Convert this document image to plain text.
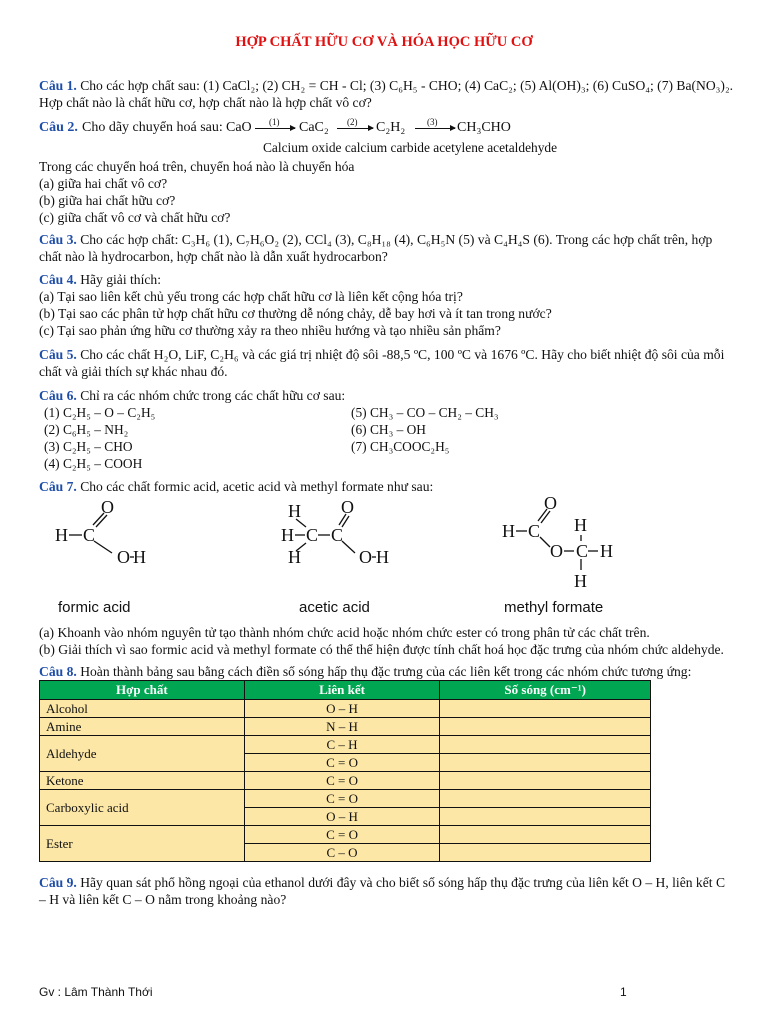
HỢP CHẤT HỮU CƠ VÀ HÓA HỌC HỮU CƠ
Câu 1. Cho các hợp chất sau: (1) CaCl₂; (2) CH₂ = CH - Cl; (3) C₆H₅ - CHO; (4) CaC₂; (5) Al(OH)₃; (6) CuSO₄; (7) Ba(NO₃)₂.
Hợp chất nào là chất hữu cơ, hợp chất nào là hợp chất vô cơ?
Câu 2. Cho dãy chuyển hoá sau: CaO (1) CaC₂ (2) C₂H₂ (3) CH₃CHO
Calcium oxide calcium carbide acetylene acetaldehyde
Trong các chuyển hoá trên, chuyển hoá nào là chuyển hóa
(a) giữa hai chất vô cơ?
(b) giữa hai chất hữu cơ?
(c) giữa chất vô cơ và chất hữu cơ?
Câu 3. Cho các hợp chất: C₃H₆ (1), C₇H₆O₂ (2), CCl₄ (3), C₈H₁₈ (4), C₆H₅N (5) và C₄H₄S (6). Trong các hợp chất trên, hợp
chất nào là hydrocarbon, hợp chất nào là dẫn xuất hydrocarbon?
Câu 4. Hãy giải thích:
(a) Tại sao liên kết chủ yếu trong các hợp chất hữu cơ là liên kết cộng hóa trị?
(b) Tại sao các phân tử hợp chất hữu cơ thường dễ nóng chảy, dễ bay hơi và ít tan trong nước?
(c) Tại sao phản ứng hữu cơ thường xảy ra theo nhiều hướng và tạo nhiều sản phẩm?
Câu 5. Cho các chất H₂O, LiF, C₂H₆ và các giá trị nhiệt độ sôi -88,5 ºC, 100 ºC và 1676 ºC. Hãy cho biết nhiệt độ sôi của mỗi
chất và giải thích sự khác nhau đó.
Câu 6. Chỉ ra các nhóm chức trong các chất hữu cơ sau:
(1) C₂H₅ – O – C₂H₅
(2) C₆H₅ – NH₂
(3) C₂H₅ – CHO
(4) C₂H₅ – COOH
(5) CH₃ – CO – CH₂ – CH₃
(6) CH₃ – OH
(7) CH₃COOC₂H₅
Câu 7. Cho các chất formic acid, acetic acid và methyl formate như sau:
O
H C
O H
formic acid
H O
H C C
H	O H
acetic acid
O
H C H
O C H
H
methyl formate
(a) Khoanh vào nhóm nguyên tử tạo thành nhóm chức acid hoặc nhóm chức ester có trong phân tử các chất trên.
(b) Giải thích vì sao formic acid và methyl formate có thể thể hiện được tính chất hoá học đặc trưng của nhóm chức aldehyde.
Câu 8. Hoàn thành bảng sau bằng cách điền số sóng hấp thụ đặc trưng của các liên kết trong các nhóm chức tương ứng:
Hợp chất	Liên kết	Số sóng (cm⁻¹)
Alcohol	O – H	
Amine	N – H	
Aldehyde	C – H	
	C = O	
Ketone	C = O	
Carboxylic acid	C = O	
	O – H	
Ester	C = O	
	C – O	
Câu 9. Hãy quan sát phổ hồng ngoại của ethanol dưới đây và cho biết số sóng hấp thụ đặc trưng của liên kết O – H, liên kết C
– H và liên kết C – O nằm trong khoảng nào?
Gv : Lâm Thành Thới	1
